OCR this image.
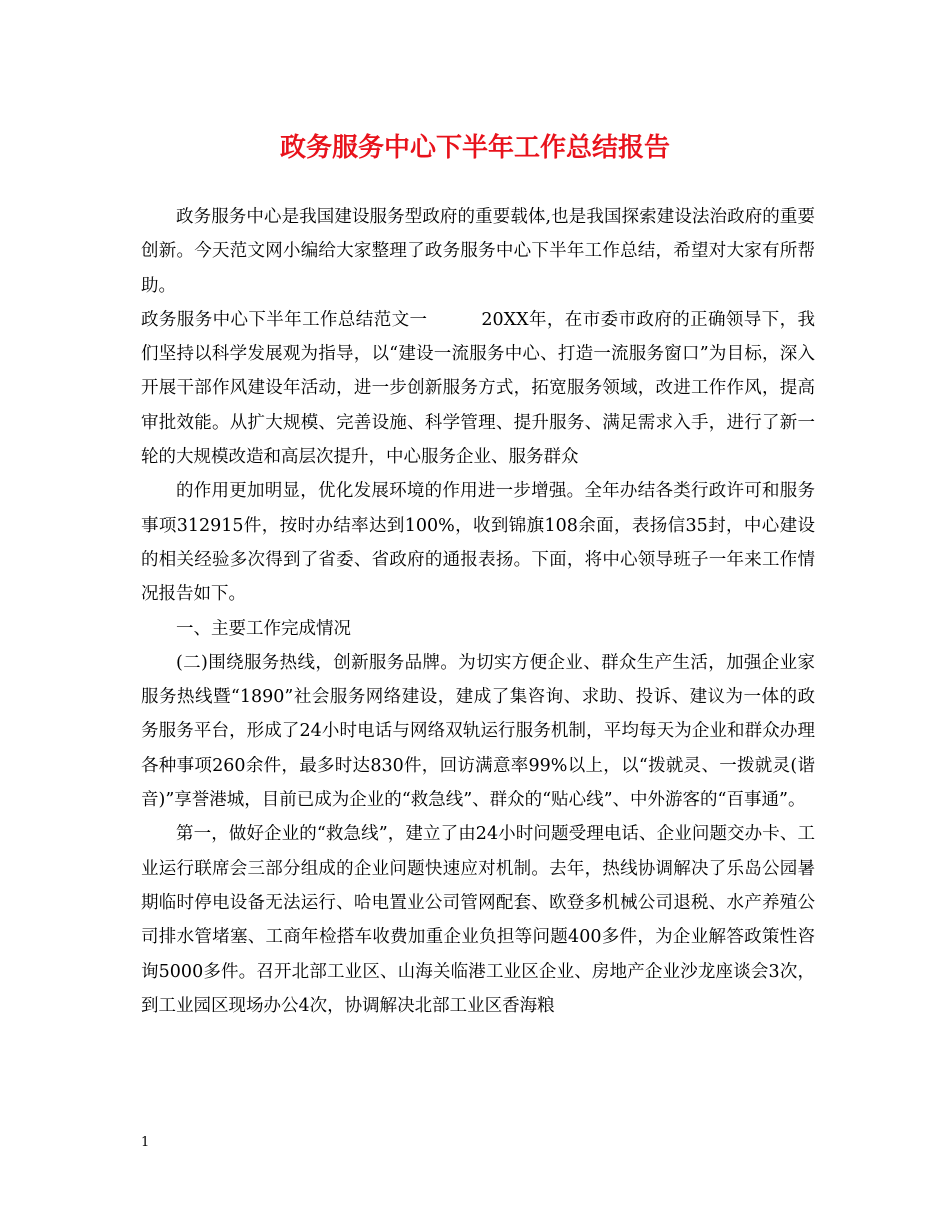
政务服务中心下半年工作总结报告

政务服务中心是我国建设服务型政府的重要载体,也是我国探索建设法治政府的重要创新。今天范文网小编给大家整理了政务服务中心下半年工作总结，希望对大家有所帮助。

政务服务中心下半年工作总结范文一	20XX年，在市委市政府的正确领导下，我们坚持以科学发展观为指导，以“建设一流服务中心、打造一流服务窗口”为目标，深入开展干部作风建设年活动，进一步创新服务方式，拓宽服务领域，改进工作作风，提高审批效能。从扩大规模、完善设施、科学管理、提升服务、满足需求入手，进行了新一轮的大规模改造和高层次提升，中心服务企业、服务群众

的作用更加明显，优化发展环境的作用进一步增强。全年办结各类行政许可和服务事项312915件，按时办结率达到100%，收到锦旗108余面，表扬信35封，中心建设的相关经验多次得到了省委、省政府的通报表扬。下面，将中心领导班子一年来工作情况报告如下。

一、主要工作完成情况

(二)围绕服务热线，创新服务品牌。为切实方便企业、群众生产生活，加强企业家服务热线暨“1890”社会服务网络建设，建成了集咨询、求助、投诉、建议为一体的政务服务平台，形成了24小时电话与网络双轨运行服务机制，平均每天为企业和群众办理各种事项260余件，最多时达830件，回访满意率99%以上，以“拨就灵、一拨就灵(谐音)”享誉港城，目前已成为企业的“救急线”、群众的“贴心线”、中外游客的“百事通”。

第一，做好企业的“救急线”，建立了由24小时问题受理电话、企业问题交办卡、工业运行联席会三部分组成的企业问题快速应对机制。去年，热线协调解决了乐岛公园暑期临时停电设备无法运行、哈电置业公司管网配套、欧登多机械公司退税、水产养殖公司排水管堵塞、工商年检搭车收费加重企业负担等问题400多件，为企业解答政策性咨询5000多件。召开北部工业区、山海关临港工业区企业、房地产企业沙龙座谈会3次，到工业园区现场办公4次，协调解决北部工业区香海粮

1
